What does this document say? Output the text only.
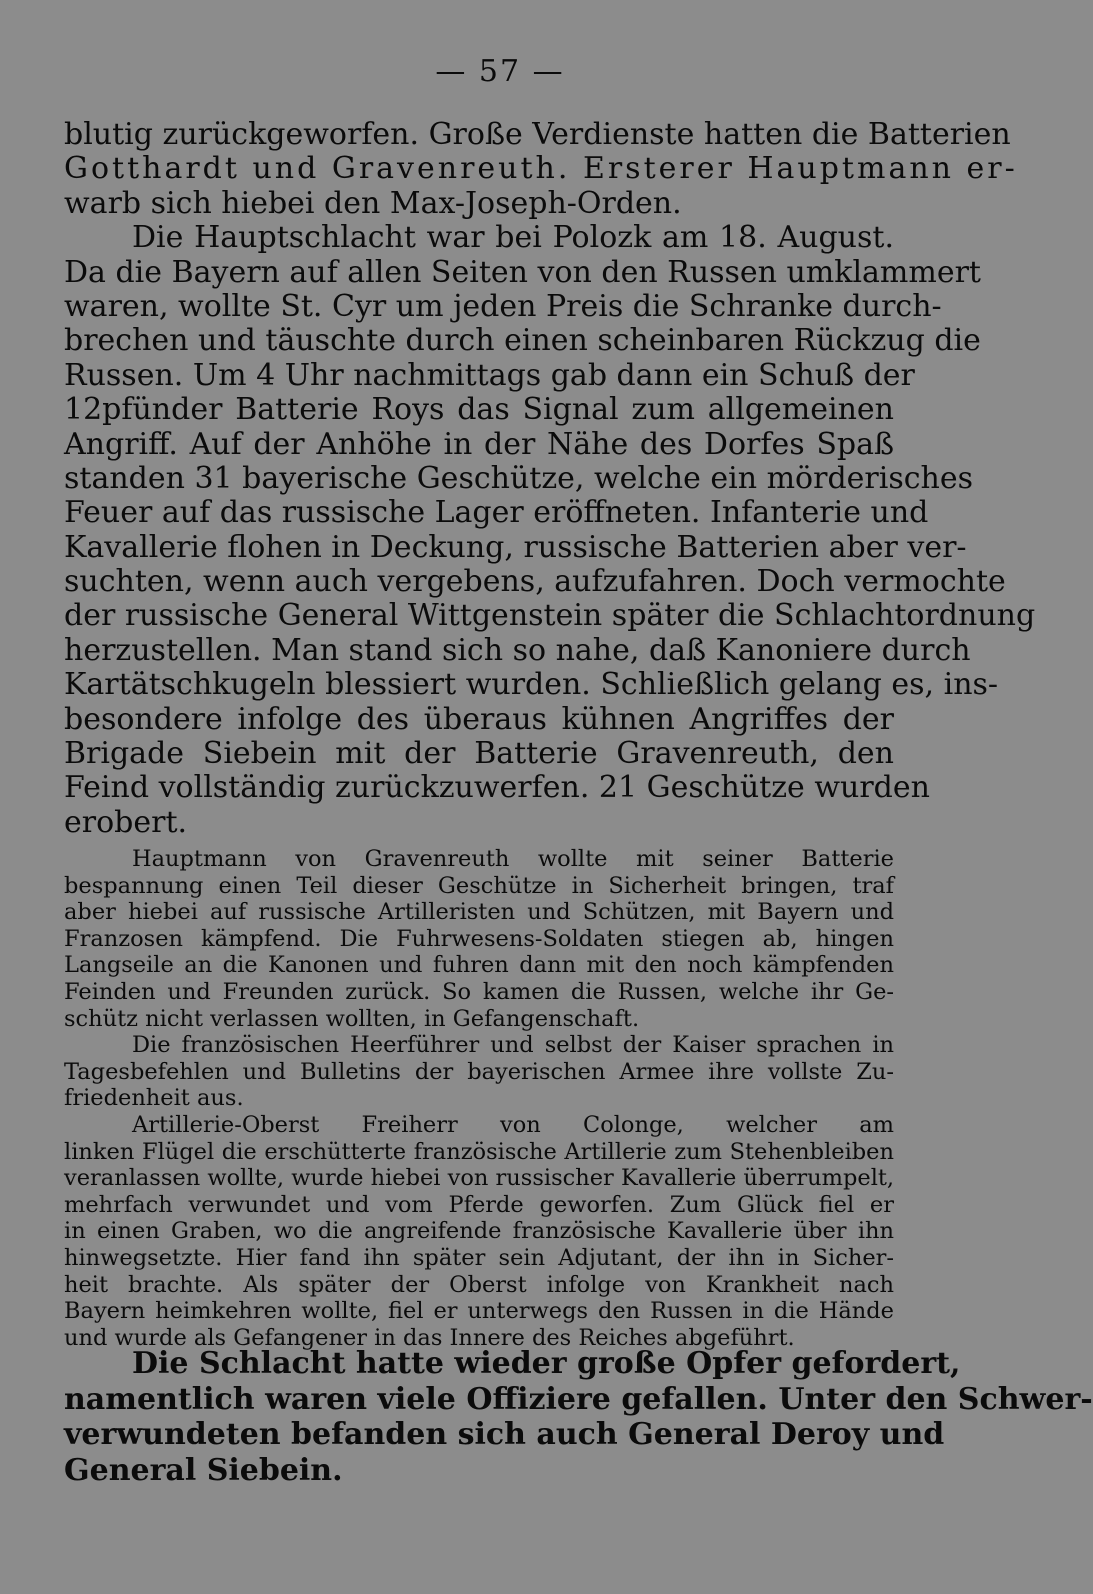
— 57 —
blutig zurückgeworfen. Große Verdienste hatten die Batterien
Gotthardt und Gravenreuth. Ersterer Hauptmann er-
warb sich hiebei den Max-Joseph-Orden.
Die Hauptschlacht war bei Polozk am 18. August.
Da die Bayern auf allen Seiten von den Russen umklammert
waren, wollte St. Cyr um jeden Preis die Schranke durch-
brechen und täuschte durch einen scheinbaren Rückzug die
Russen. Um 4 Uhr nachmittags gab dann ein Schuß der
12pfünder Batterie Roys das Signal zum allgemeinen
Angriff. Auf der Anhöhe in der Nähe des Dorfes Spaß
standen 31 bayerische Geschütze, welche ein mörderisches
Feuer auf das russische Lager eröffneten. Infanterie und
Kavallerie flohen in Deckung, russische Batterien aber ver-
suchten, wenn auch vergebens, aufzufahren. Doch vermochte
der russische General Wittgenstein später die Schlachtordnung
herzustellen. Man stand sich so nahe, daß Kanoniere durch
Kartätschkugeln blessiert wurden. Schließlich gelang es, ins-
besondere infolge des überaus kühnen Angriffes der
Brigade Siebein mit der Batterie Gravenreuth, den
Feind vollständig zurückzuwerfen. 21 Geschütze wurden
erobert.
Hauptmann von Gravenreuth wollte mit seiner Batterie
bespannung einen Teil dieser Geschütze in Sicherheit bringen, traf
aber hiebei auf russische Artilleristen und Schützen, mit Bayern und
Franzosen kämpfend. Die Fuhrwesens-Soldaten stiegen ab, hingen
Langseile an die Kanonen und fuhren dann mit den noch kämpfenden
Feinden und Freunden zurück. So kamen die Russen, welche ihr Ge-
schütz nicht verlassen wollten, in Gefangenschaft.
Die französischen Heerführer und selbst der Kaiser sprachen in
Tagesbefehlen und Bulletins der bayerischen Armee ihre vollste Zu-
friedenheit aus.
Artillerie-Oberst Freiherr von Colonge, welcher am
linken Flügel die erschütterte französische Artillerie zum Stehenbleiben
veranlassen wollte, wurde hiebei von russischer Kavallerie überrumpelt,
mehrfach verwundet und vom Pferde geworfen. Zum Glück fiel er
in einen Graben, wo die angreifende französische Kavallerie über ihn
hinwegsetzte. Hier fand ihn später sein Adjutant, der ihn in Sicher-
heit brachte. Als später der Oberst infolge von Krankheit nach
Bayern heimkehren wollte, fiel er unterwegs den Russen in die Hände
und wurde als Gefangener in das Innere des Reiches abgeführt.
Die Schlacht hatte wieder große Opfer gefordert,
namentlich waren viele Offiziere gefallen. Unter den Schwer-
verwundeten befanden sich auch General Deroy und
General Siebein.
